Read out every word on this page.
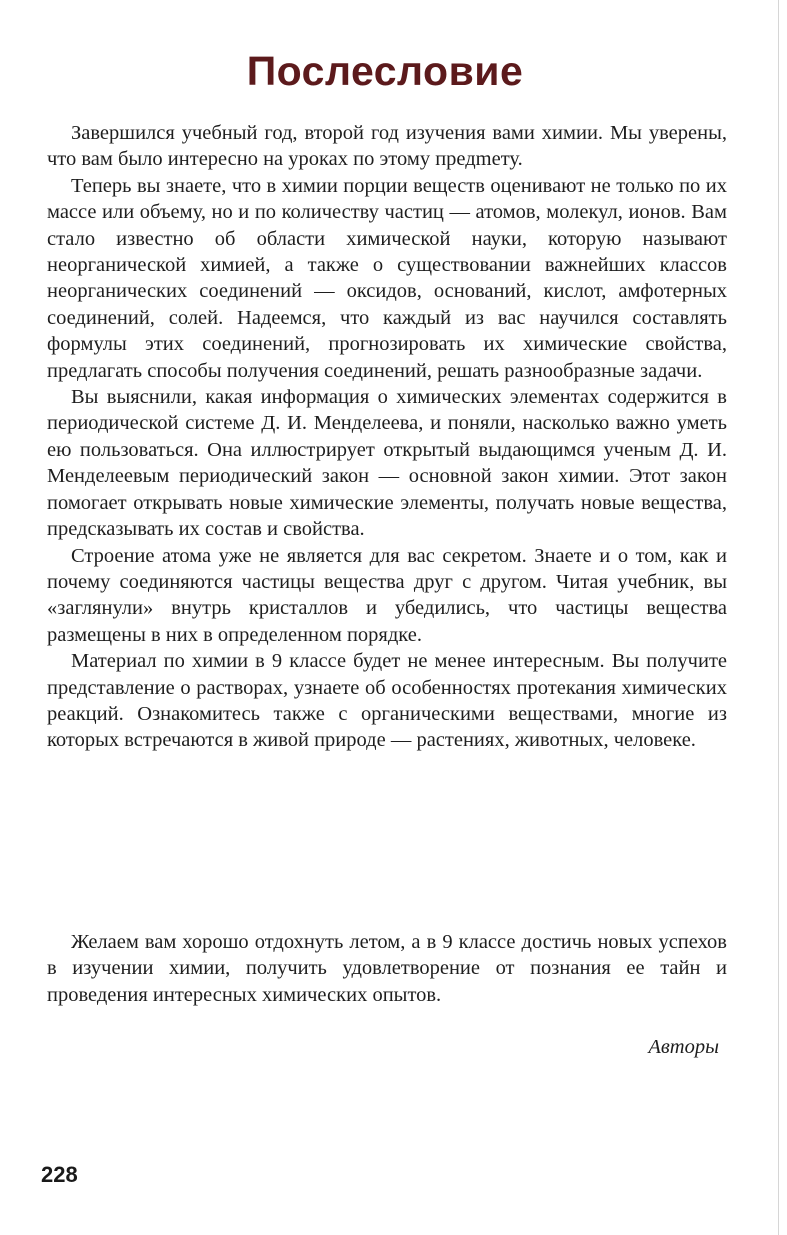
Послесловие

Завершился учебный год, второй год изучения вами химии. Мы уверены, что вам было интересно на уроках по этому предmету.

Теперь вы знаете, что в химии порции веществ оценивают не только по их массе или объему, но и по количеству частиц — атомов, молекул, ионов. Вам стало известно об области химической науки, которую называют неорганической химией, а также о существовании важнейших классов неорганических соединений — оксидов, оснований, кислот, амфотерных соединений, солей. Надеемся, что каждый из вас научился составлять формулы этих соединений, прогнозировать их химические свойства, предлагать способы получения соединений, решать разнообразные задачи.

Вы выяснили, какая информация о химических элементах содержится в периодической системе Д. И. Менделеева, и поняли, насколько важно уметь ею пользоваться. Она иллюстрирует открытый выдающимся ученым Д. И. Менделеевым периодический закон — основной закон химии. Этот закон помогает открывать новые химические элементы, получать новые вещества, предсказывать их состав и свойства.

Строение атома уже не является для вас секретом. Знаете и о том, как и почему соединяются частицы вещества друг с другом. Читая учебник, вы «заглянули» внутрь кристаллов и убедились, что частицы вещества размещены в них в определенном порядке.

Материал по химии в 9 классе будет не менее интересным. Вы получите представление о растворах, узнаете об особенностях протекания химических реакций. Ознакомитесь также с органическими веществами, многие из которых встречаются в живой природе — растениях, животных, человеке.

Желаем вам хорошо отдохнуть летом, а в 9 классе достичь новых успехов в изучении химии, получить удовлетворение от познания ее тайн и проведения интересных химических опытов.

Авторы
228
